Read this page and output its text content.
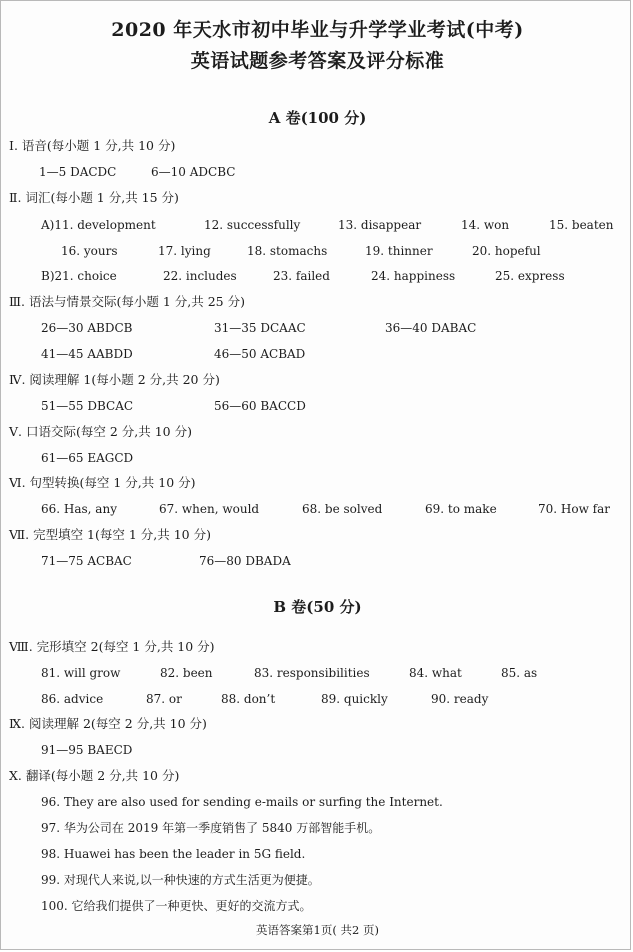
2020 年天水市初中毕业与升学学业考试(中考)
英语试题参考答案及评分标准
A 卷(100 分)
Ⅰ. 语音(每小题 1 分,共 10 分)
1—5 DACDC	6—10 ADCBC
Ⅱ. 词汇(每小题 1 分,共 15 分)
A)11. development	12. successfully	13. disappear	14. won	15. beaten
16. yours	17. lying	18. stomachs	19. thinner	20. hopeful
B)21. choice	22. includes	23. failed	24. happiness	25. express
Ⅲ. 语法与情景交际(每小题 1 分,共 25 分)
26—30 ABDCB	31—35 DCAAC	36—40 DABAC
41—45 AABDD	46—50 ACBAD
Ⅳ. 阅读理解 1(每小题 2 分,共 20 分)
51—55 DBCAC	56—60 BACCD
Ⅴ. 口语交际(每空 2 分,共 10 分)
61—65 EAGCD
Ⅵ. 句型转换(每空 1 分,共 10 分)
66. Has, any	67. when, would	68. be solved	69. to make	70. How far
Ⅶ. 完型填空 1(每空 1 分,共 10 分)
71—75 ACBAC	76—80 DBADA
B 卷(50 分)
Ⅷ. 完形填空 2(每空 1 分,共 10 分)
81. will grow	82. been	83. responsibilities	84. what	85. as
86. advice	87. or	88. don’t	89. quickly	90. ready
Ⅸ. 阅读理解 2(每空 2 分,共 10 分)
91—95 BAECD
Ⅹ. 翻译(每小题 2 分,共 10 分)
96. They are also used for sending e-mails or surfing the Internet.
97. 华为公司在 2019 年第一季度销售了 5840 万部智能手机。
98. Huawei has been the leader in 5G field.
99. 对现代人来说,以一种快速的方式生活更为便捷。
100. 它给我们提供了一种更快、更好的交流方式。
英语答案第1页( 共2 页)
